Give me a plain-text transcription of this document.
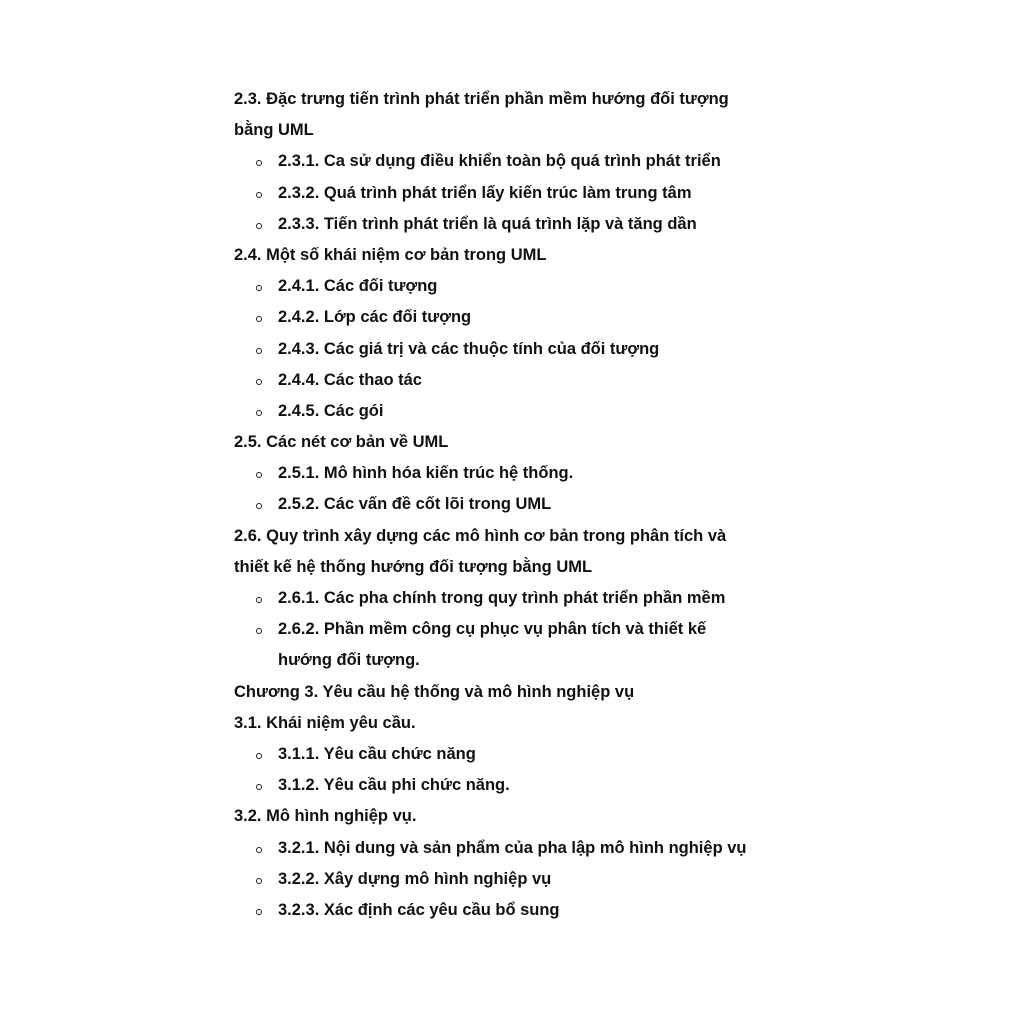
2.3. Đặc trưng tiến trình phát triển phần mềm hướng đối tượng
bằng UML
2.3.1. Ca sử dụng điều khiển toàn bộ quá trình phát triển
2.3.2. Quá trình phát triển lấy kiến trúc làm trung tâm
2.3.3. Tiến trình phát triển là quá trình lặp và tăng dần
2.4. Một số khái niệm cơ bản trong UML
2.4.1. Các đối tượng
2.4.2. Lớp các đối tượng
2.4.3. Các giá trị và các thuộc tính của đối tượng
2.4.4. Các thao tác
2.4.5. Các gói
2.5. Các nét cơ bản về UML
2.5.1. Mô hình hóa kiến trúc hệ thống.
2.5.2. Các vấn đề cốt lõi trong UML
2.6. Quy trình xây dựng các mô hình cơ bản trong phân tích và
thiết kế hệ thống hướng đối tượng bằng UML
2.6.1. Các pha chính trong quy trình phát triển phần mềm
2.6.2. Phần mềm công cụ phục vụ phân tích và thiết kế
hướng đối tượng.
Chương 3. Yêu cầu hệ thống và mô hình nghiệp vụ
3.1. Khái niệm yêu cầu.
3.1.1. Yêu cầu chức năng
3.1.2. Yêu cầu phi chức năng.
3.2. Mô hình nghiệp vụ.
3.2.1. Nội dung và sản phẩm của pha lập mô hình nghiệp vụ
3.2.2. Xây dựng mô hình nghiệp vụ
3.2.3. Xác định các yêu cầu bổ sung
